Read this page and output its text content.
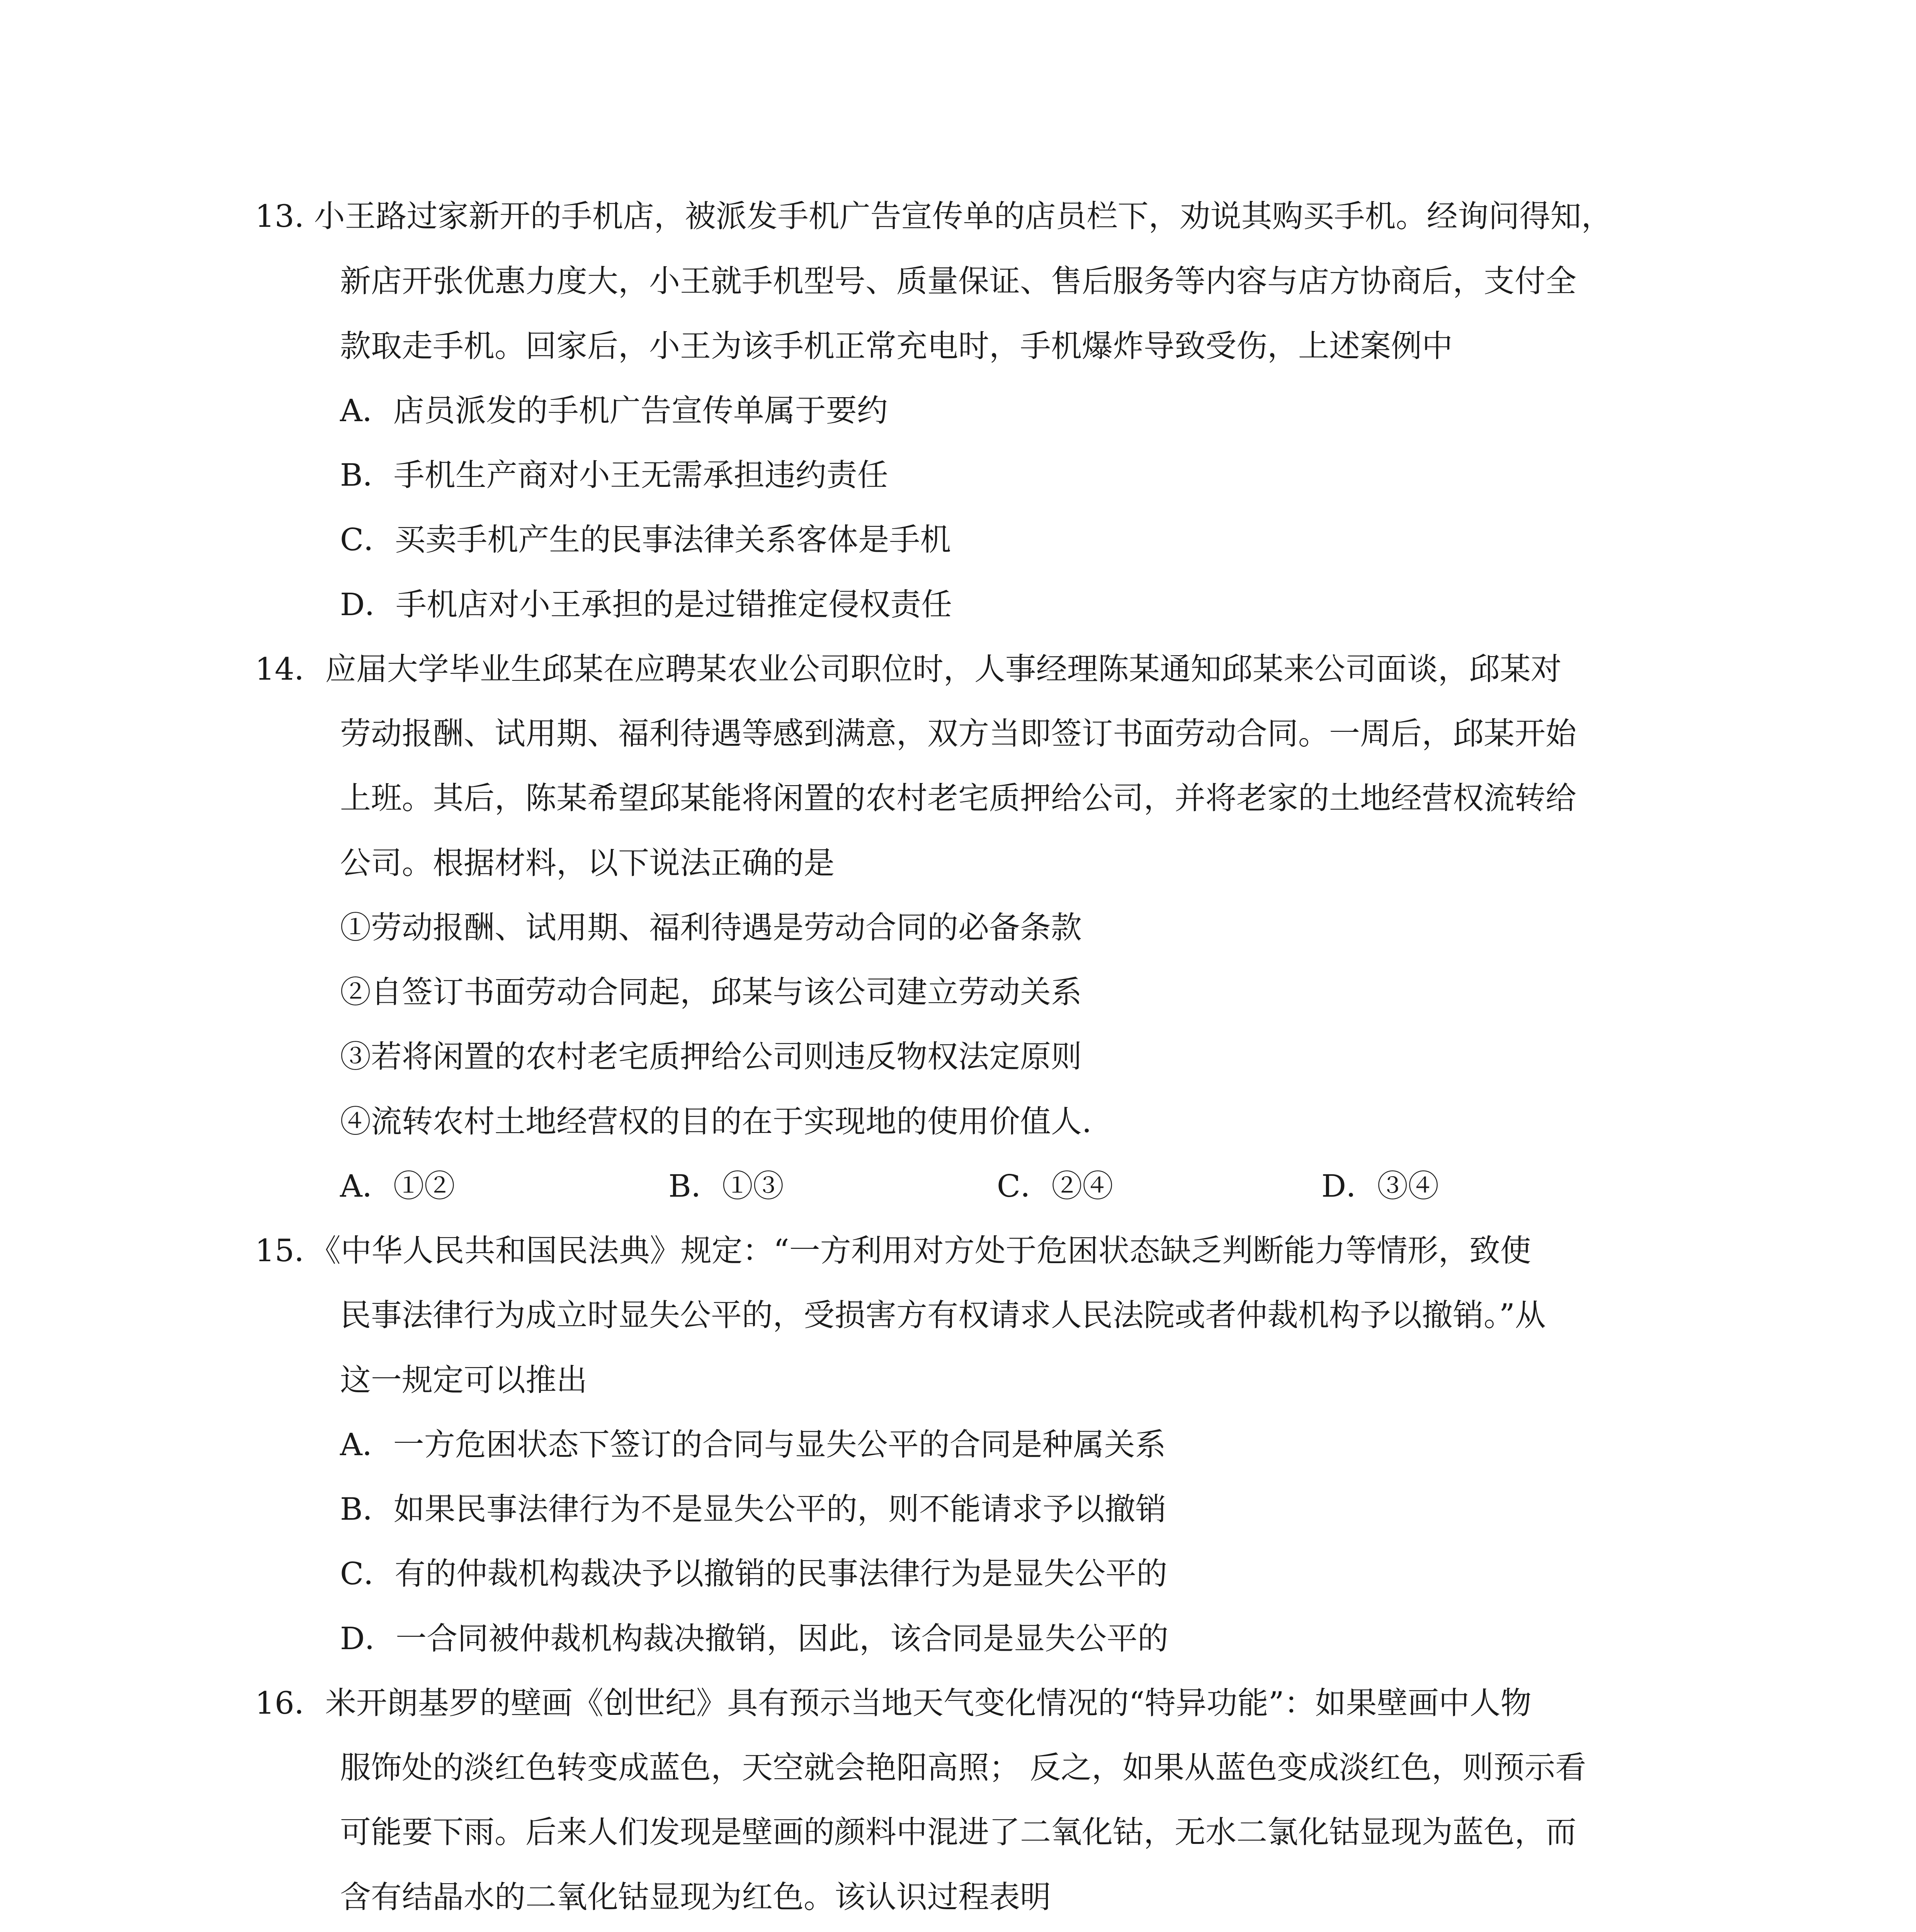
13. 小王路过家新开的手机店，被派发手机广告宣传单的店员栏下，劝说其购买手机。经询问得知，
新店开张优惠力度大，小王就手机型号、质量保证、售后服务等内容与店方协商后，支付全
款取走手机。回家后，小王为该手机正常充电时，手机爆炸导致受伤，上述案例中
A．店员派发的手机广告宣传单属于要约
B．手机生产商对小王无需承担违约责任
C．买卖手机产生的民事法律关系客体是手机
D．手机店对小王承担的是过错推定侵权责任
14．应届大学毕业生邱某在应聘某农业公司职位时，人事经理陈某通知邱某来公司面谈，邱某对
劳动报酬、试用期、福利待遇等感到满意，双方当即签订书面劳动合同。一周后，邱某开始
上班。其后，陈某希望邱某能将闲置的农村老宅质押给公司，并将老家的土地经营权流转给
公司。根据材料，以下说法正确的是
①劳动报酬、试用期、福利待遇是劳动合同的必备条款
②自签订书面劳动合同起，邱某与该公司建立劳动关系
③若将闲置的农村老宅质押给公司则违反物权法定原则
④流转农村土地经营权的目的在于实现地的使用价值人.
A．①②	B．①③	C．②④	D．③④
15．《中华人民共和国民法典》规定：“一方利用对方处于危困状态缺乏判断能力等情形，致使
民事法律行为成立时显失公平的，受损害方有权请求人民法院或者仲裁机构予以撤销。”从
这一规定可以推出
A．一方危困状态下签订的合同与显失公平的合同是种属关系
B．如果民事法律行为不是显失公平的，则不能请求予以撤销
C．有的仲裁机构裁决予以撤销的民事法律行为是显失公平的
D．一合同被仲裁机构裁决撤销，因此，该合同是显失公平的
16．米开朗基罗的壁画《创世纪》具有预示当地天气变化情况的“特异功能”：如果壁画中人物
服饰处的淡红色转变成蓝色，天空就会艳阳高照； 反之，如果从蓝色变成淡红色，则预示看
可能要下雨。后来人们发现是壁画的颜料中混进了二氧化钴，无水二氯化钴显现为蓝色，而
含有结晶水的二氧化钴显现为红色。该认识过程表明
